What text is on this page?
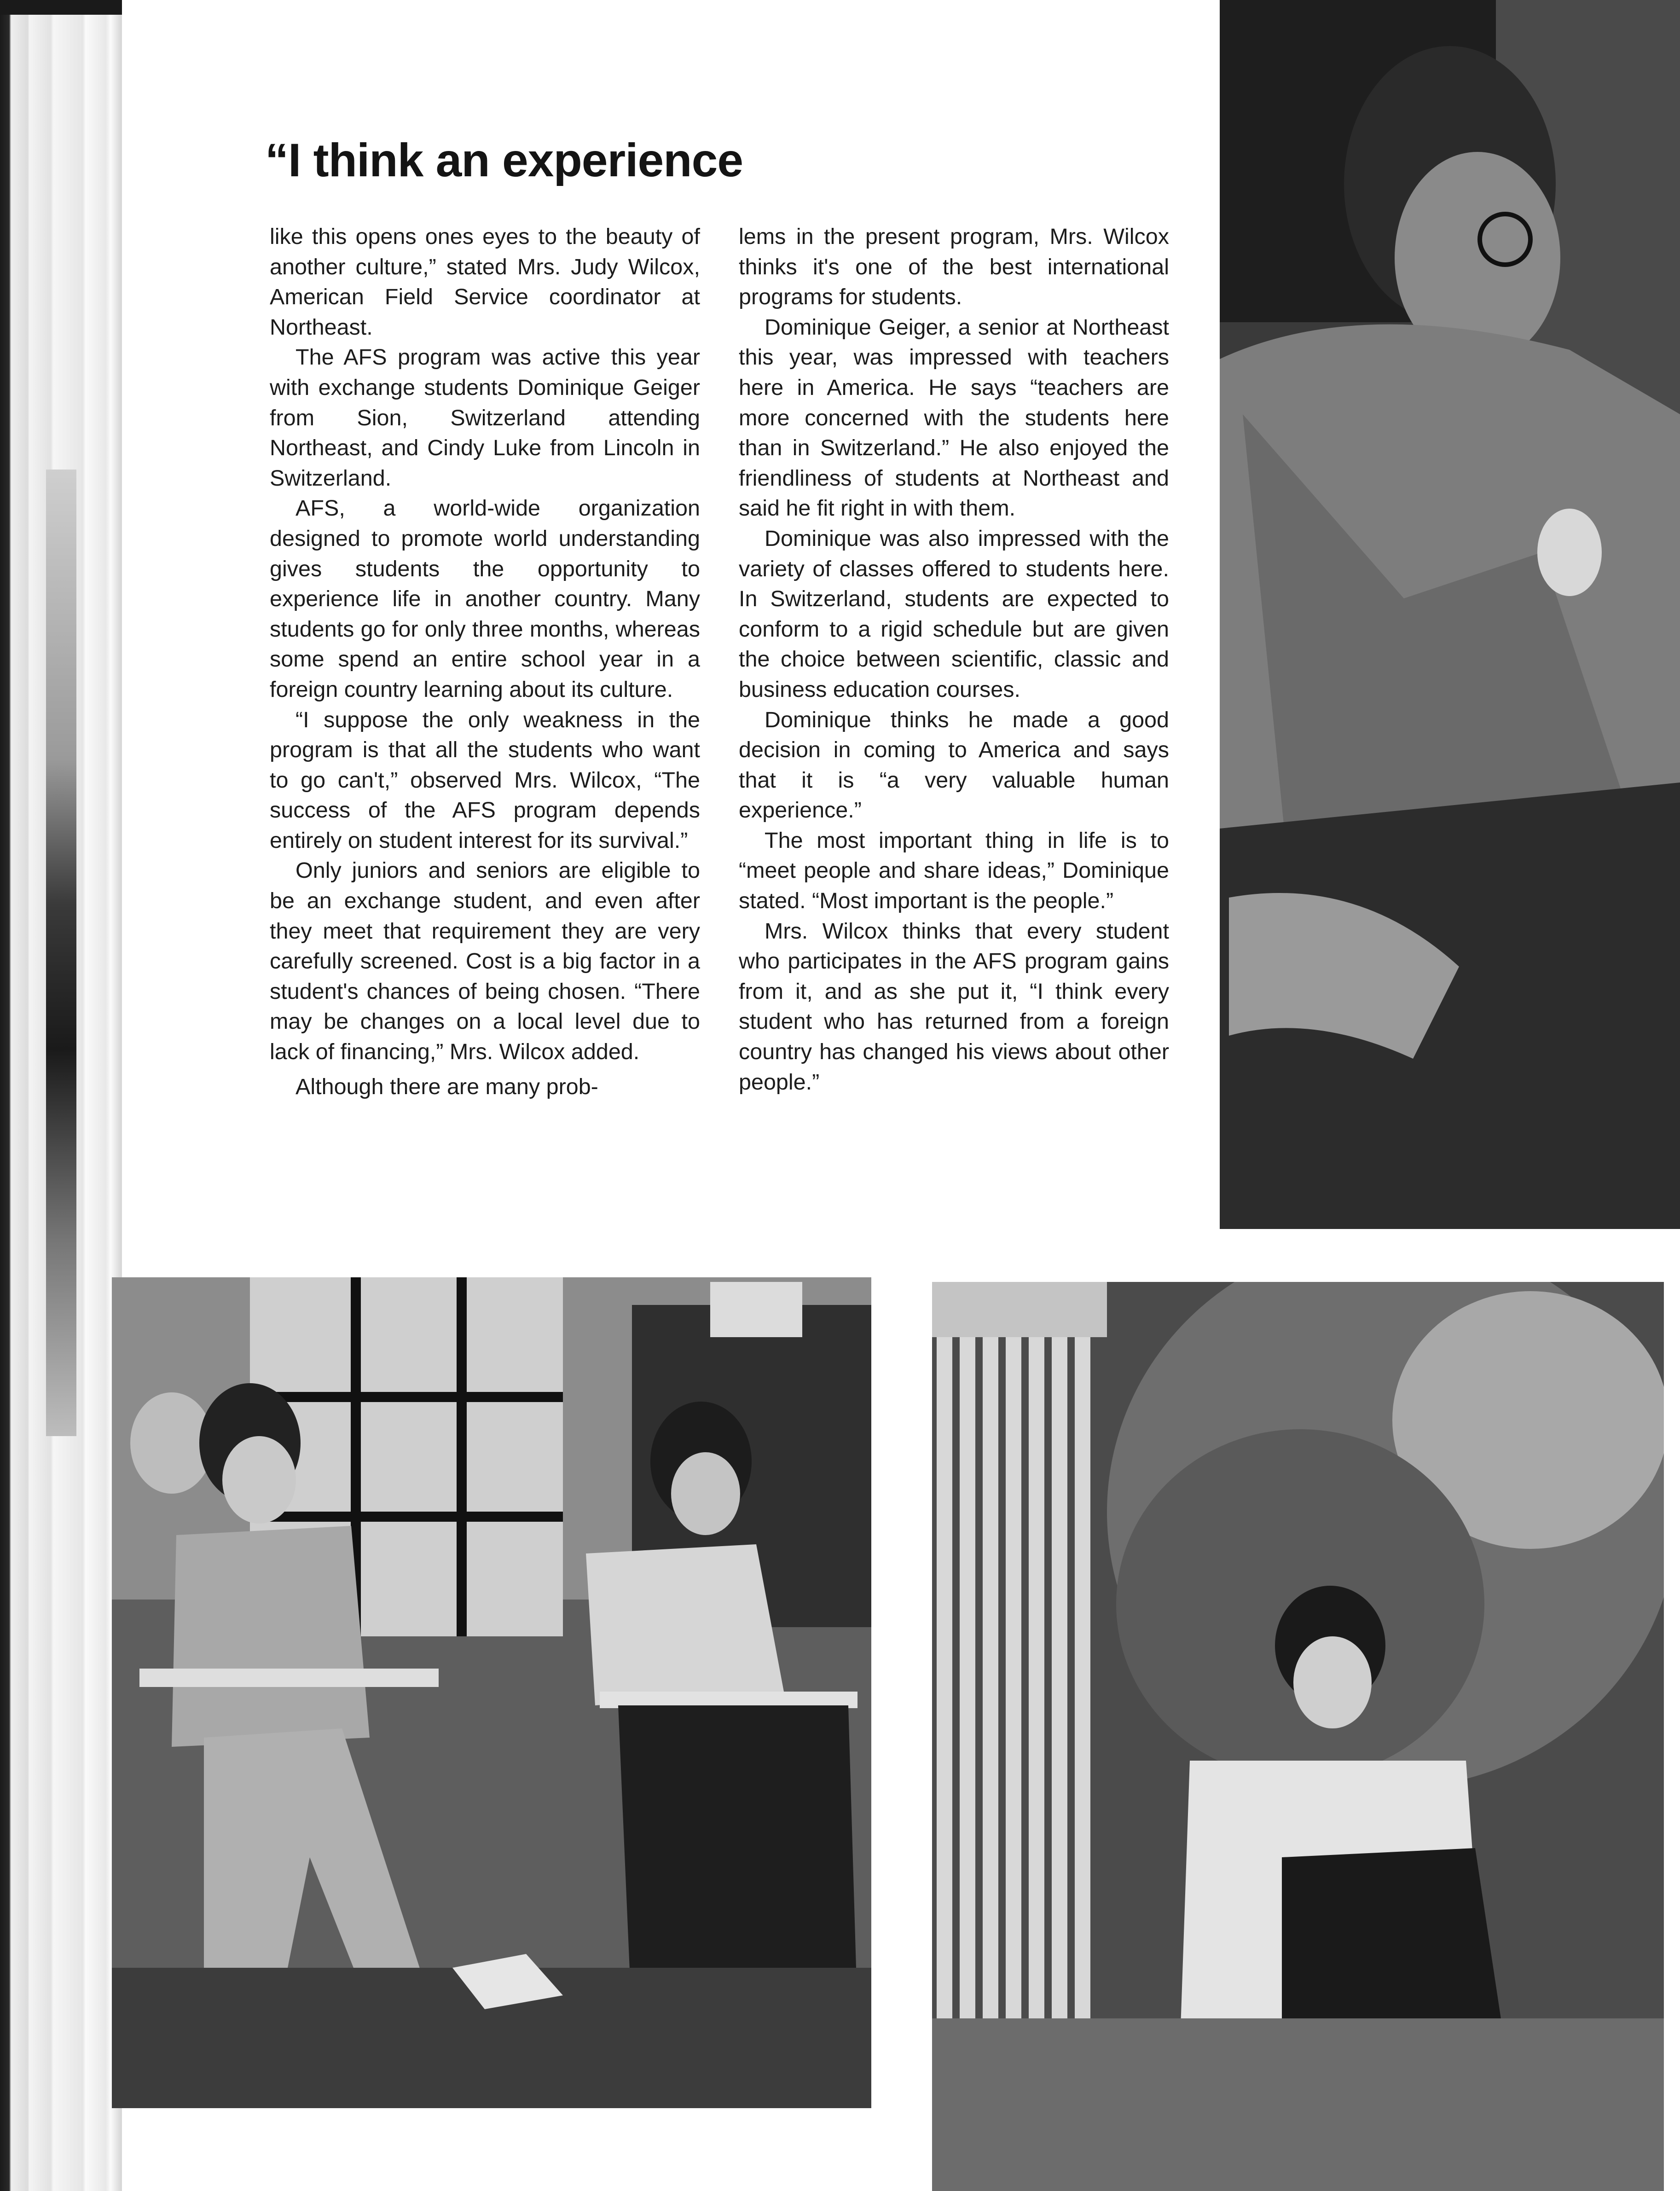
“I think an experience

like this opens ones eyes to the beauty of another culture,” stated Mrs. Judy Wilcox, American Field Service coordinator at Northeast.

The AFS program was active this year with exchange students Dominique Geiger from Sion, Switzerland attending Northeast, and Cindy Luke from Lincoln in Switzerland.

AFS, a world-wide organization designed to promote world understanding gives students the opportunity to experience life in another country. Many students go for only three months, whereas some spend an entire school year in a foreign country learning about its culture.

“I suppose the only weakness in the program is that all the students who want to go can't,” observed Mrs. Wilcox, “The success of the AFS program depends entirely on student interest for its survival.”

Only juniors and seniors are eligible to be an exchange student, and even after they meet that requirement they are very carefully screened. Cost is a big factor in a student's chances of being chosen. “There may be changes on a local level due to lack of financing,” Mrs. Wilcox added.

Although there are many prob-

lems in the present program, Mrs. Wilcox thinks it's one of the best international programs for students.

Dominique Geiger, a senior at Northeast this year, was impressed with teachers here in America. He says “teachers are more concerned with the students here than in Switzerland.” He also enjoyed the friendliness of students at Northeast and said he fit right in with them.

Dominique was also impressed with the variety of classes offered to students here. In Switzerland, students are expected to conform to a rigid schedule but are given the choice between scientific, classic and business education courses.

Dominique thinks he made a good decision in coming to America and says that it is “a very valuable human experience.”

The most important thing in life is to “meet people and share ideas,” Dominique stated. “Most important is the people.”

Mrs. Wilcox thinks that every student who participates in the AFS program gains from it, and as she put it, “I think every student who has returned from a foreign country has changed his views about other people.”
